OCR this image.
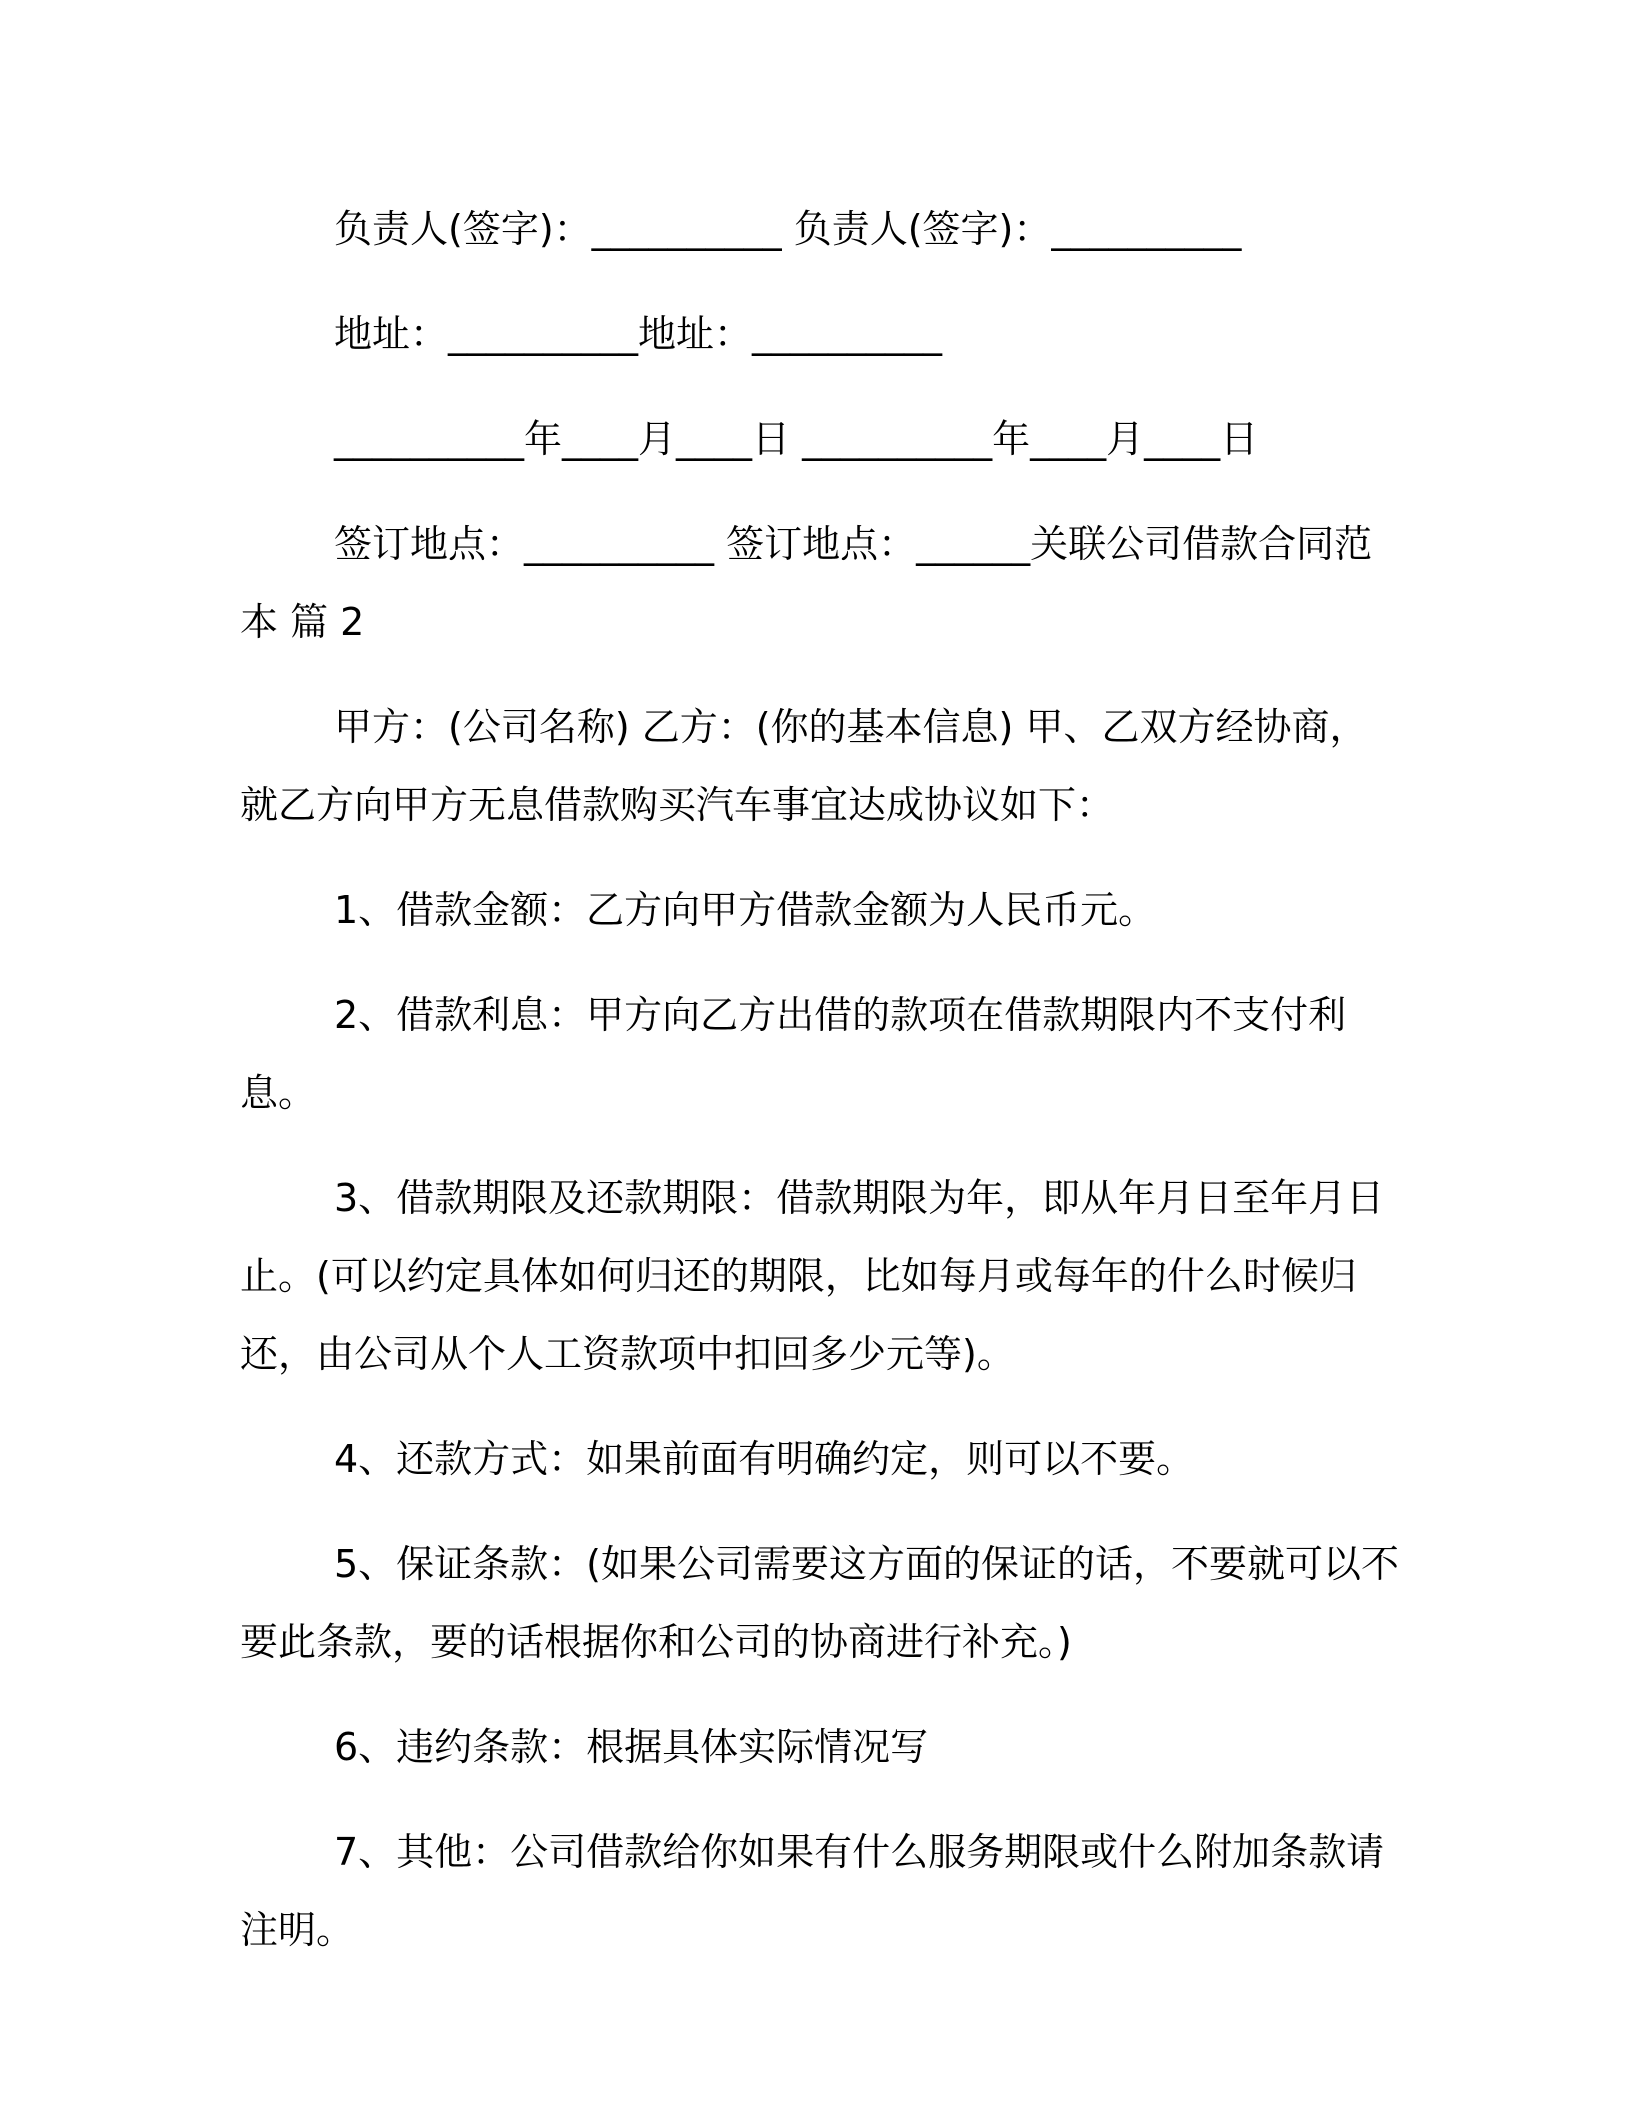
负责人(签字)：__________ 负责人(签字)：__________

地址：__________地址：__________

__________年____月____日 __________年____月____日

签订地点：__________ 签订地点：______关联公司借款合同范本 篇 2

甲方：(公司名称) 乙方：(你的基本信息) 甲、乙双方经协商，就乙方向甲方无息借款购买汽车事宜达成协议如下：

1、借款金额：乙方向甲方借款金额为人民币元。

2、借款利息：甲方向乙方出借的款项在借款期限内不支付利息。

3、借款期限及还款期限：借款期限为年，即从年月日至年月日止。(可以约定具体如何归还的期限，比如每月或每年的什么时候归还，由公司从个人工资款项中扣回多少元等)。

4、还款方式：如果前面有明确约定，则可以不要。

5、保证条款：(如果公司需要这方面的保证的话，不要就可以不要此条款，要的话根据你和公司的协商进行补充。)

6、违约条款：根据具体实际情况写

7、其他：公司借款给你如果有什么服务期限或什么附加条款请注明。
